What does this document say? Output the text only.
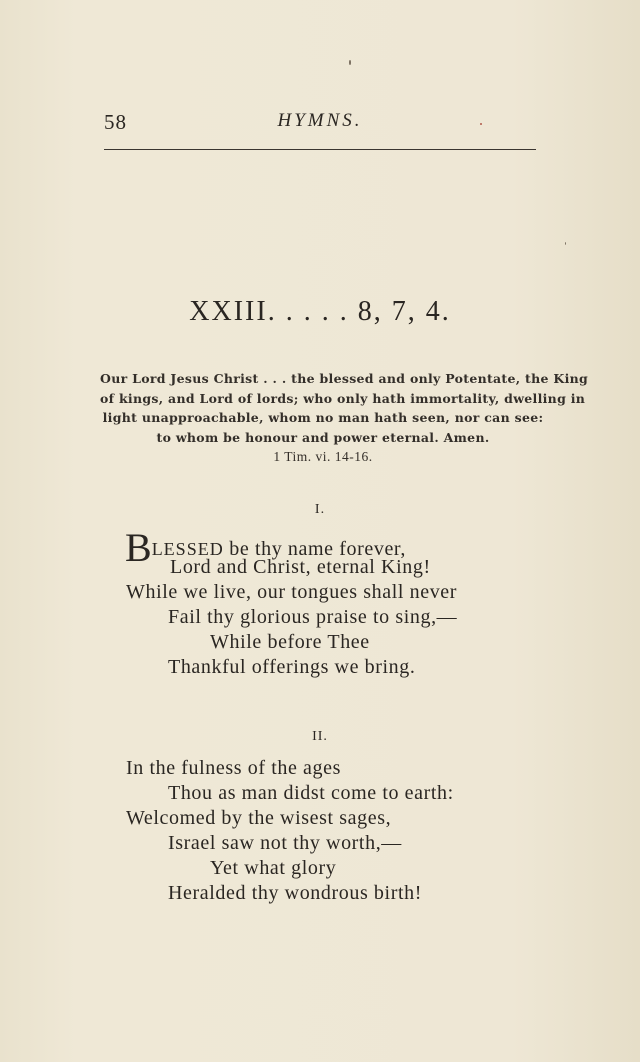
58	HYMNS.
XXIII. . . . . 8, 7, 4.
Our Lord Jesus Christ . . . the blessed and only Potentate, the King
of kings, and Lord of lords; who only hath immortality, dwelling in
light unapproachable, whom no man hath seen, nor can see:
to whom be honour and power eternal. Amen.
1 Tim. vi. 14-16.
I.
BLESSED be thy name forever,
Lord and Christ, eternal King!
While we live, our tongues shall never
Fail thy glorious praise to sing,—
While before Thee
Thankful offerings we bring.
II.
In the fulness of the ages
Thou as man didst come to earth:
Welcomed by the wisest sages,
Israel saw not thy worth,—
Yet what glory
Heralded thy wondrous birth!
